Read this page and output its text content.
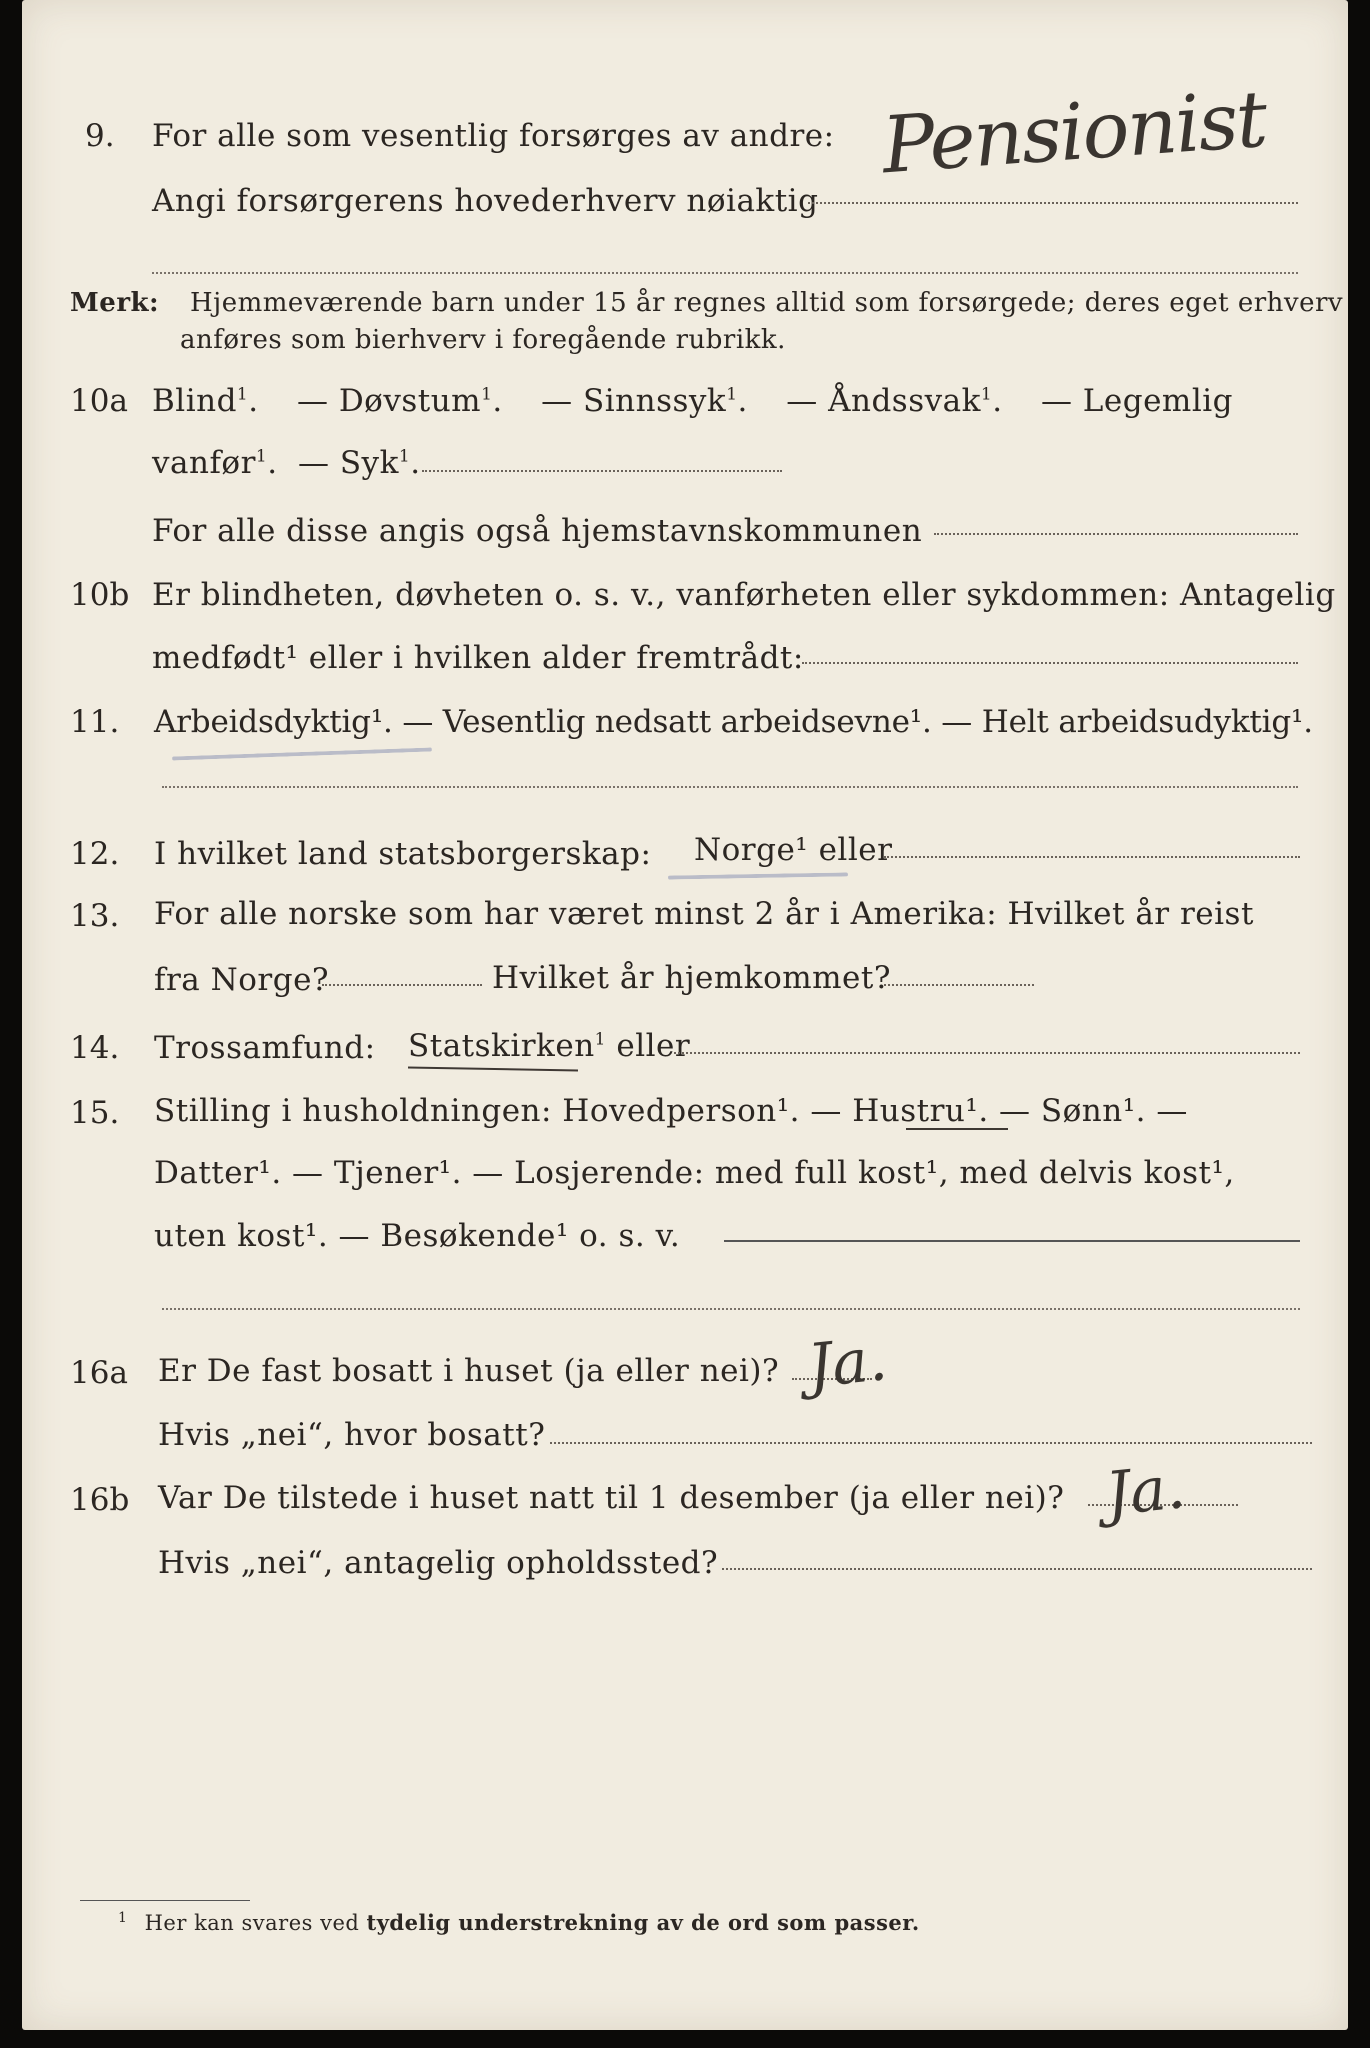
9. For alle som vesentlig forsørges av andre:
Angi forsørgerens hovederhverv nøiaktig
Pensionist
Merk: Hjemmeværende barn under 15 år regnes alltid som forsørgede; deres eget erhverv
anføres som bierhverv i foregående rubrikk.
10a Blind$^1$. — Døvstum$^1$. — Sinnssyk$^1$. — Åndssvak$^1$. — Legemlig
vanfør$^1$. — Syk$^1$.
For alle disse angis også hjemstavnskommunen
10b Er blindheten, døvheten o. s. v., vanførheten eller sykdommen: Antagelig
medfødt¹ eller i hvilken alder fremtrådt:
11. Arbeidsdyktig¹. — Vesentlig nedsatt arbeidsevne¹. — Helt arbeidsudyktig¹.
12. I hvilket land statsborgerskap: Norge¹ eller
13. For alle norske som har været minst 2 år i Amerika: Hvilket år reist
fra Norge?	Hvilket år hjemkommet?
14. Trossamfund: Statskirken$^1$ eller
15. Stilling i husholdningen: Hovedperson¹. — Hustru¹. — Sønn¹. —
Datter¹. — Tjener¹. — Losjerende: med full kost¹, med delvis kost¹,
uten kost¹. — Besøkende¹ o. s. v.
16a Er De fast bosatt i huset (ja eller nei)? Ja.
Hvis „nei“, hvor bosatt?
16b Var De tilstede i huset natt til 1 desember (ja eller nei)? Ja.
Hvis „nei“, antagelig opholdssted?
$^1$ Her kan svares ved tydelig understrekning av de ord som passer.
